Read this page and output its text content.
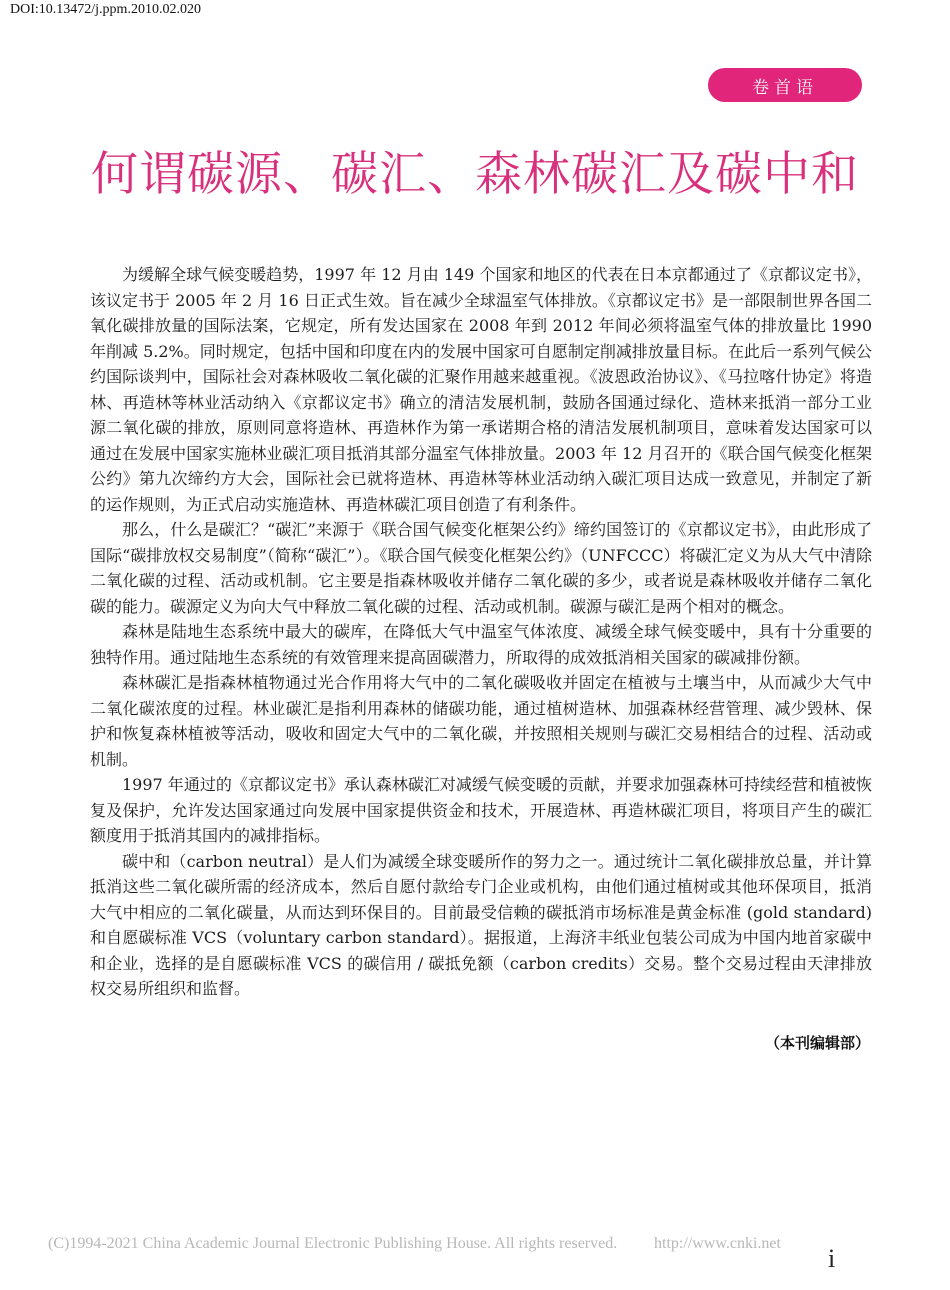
DOI:10.13472/j.ppm.2010.02.020
卷首语
何谓碳源、碳汇、森林碳汇及碳中和

为缓解全球气候变暖趋势，1997 年 12 月由 149 个国家和地区的代表在日本京都通过了《京都议定书》，该议定书于 2005 年 2 月 16 日正式生效。旨在减少全球温室气体排放。《京都议定书》是一部限制世界各国二氧化碳排放量的国际法案，它规定，所有发达国家在 2008 年到 2012 年间必须将温室气体的排放量比 1990 年削减 5.2%。同时规定，包括中国和印度在内的发展中国家可自愿制定削减排放量目标。在此后一系列气候公约国际谈判中，国际社会对森林吸收二氧化碳的汇聚作用越来越重视。《波恩政治协议》、《马拉喀什协定》将造林、再造林等林业活动纳入《京都议定书》确立的清洁发展机制，鼓励各国通过绿化、造林来抵消一部分工业源二氧化碳的排放，原则同意将造林、再造林作为第一承诺期合格的清洁发展机制项目，意味着发达国家可以通过在发展中国家实施林业碳汇项目抵消其部分温室气体排放量。2003 年 12 月召开的《联合国气候变化框架公约》第九次缔约方大会，国际社会已就将造林、再造林等林业活动纳入碳汇项目达成一致意见，并制定了新的运作规则，为正式启动实施造林、再造林碳汇项目创造了有利条件。

那么，什么是碳汇？“碳汇”来源于《联合国气候变化框架公约》缔约国签订的《京都议定书》，由此形成了国际“碳排放权交易制度”（简称“碳汇”）。《联合国气候变化框架公约》（UNFCCC）将碳汇定义为从大气中清除二氧化碳的过程、活动或机制。它主要是指森林吸收并储存二氧化碳的多少，或者说是森林吸收并储存二氧化碳的能力。碳源定义为向大气中释放二氧化碳的过程、活动或机制。碳源与碳汇是两个相对的概念。

森林是陆地生态系统中最大的碳库，在降低大气中温室气体浓度、减缓全球气候变暖中，具有十分重要的独特作用。通过陆地生态系统的有效管理来提高固碳潜力，所取得的成效抵消相关国家的碳减排份额。

森林碳汇是指森林植物通过光合作用将大气中的二氧化碳吸收并固定在植被与土壤当中，从而减少大气中二氧化碳浓度的过程。林业碳汇是指利用森林的储碳功能，通过植树造林、加强森林经营管理、减少毁林、保护和恢复森林植被等活动，吸收和固定大气中的二氧化碳，并按照相关规则与碳汇交易相结合的过程、活动或机制。

1997 年通过的《京都议定书》承认森林碳汇对减缓气候变暖的贡献，并要求加强森林可持续经营和植被恢复及保护，允许发达国家通过向发展中国家提供资金和技术，开展造林、再造林碳汇项目，将项目产生的碳汇额度用于抵消其国内的减排指标。

碳中和（carbon neutral）是人们为减缓全球变暖所作的努力之一。通过统计二氧化碳排放总量，并计算抵消这些二氧化碳所需的经济成本，然后自愿付款给专门企业或机构，由他们通过植树或其他环保项目，抵消大气中相应的二氧化碳量，从而达到环保目的。目前最受信赖的碳抵消市场标准是黄金标准 (gold standard) 和自愿碳标准 VCS（voluntary carbon standard）。据报道，上海济丰纸业包装公司成为中国内地首家碳中和企业，选择的是自愿碳标准 VCS 的碳信用 / 碳抵免额（carbon credits）交易。整个交易过程由天津排放权交易所组织和监督。

（本刊编辑部）
(C)1994-2021 China Academic Journal Electronic Publishing House. All rights reserved. http://www.cnki.net
i
